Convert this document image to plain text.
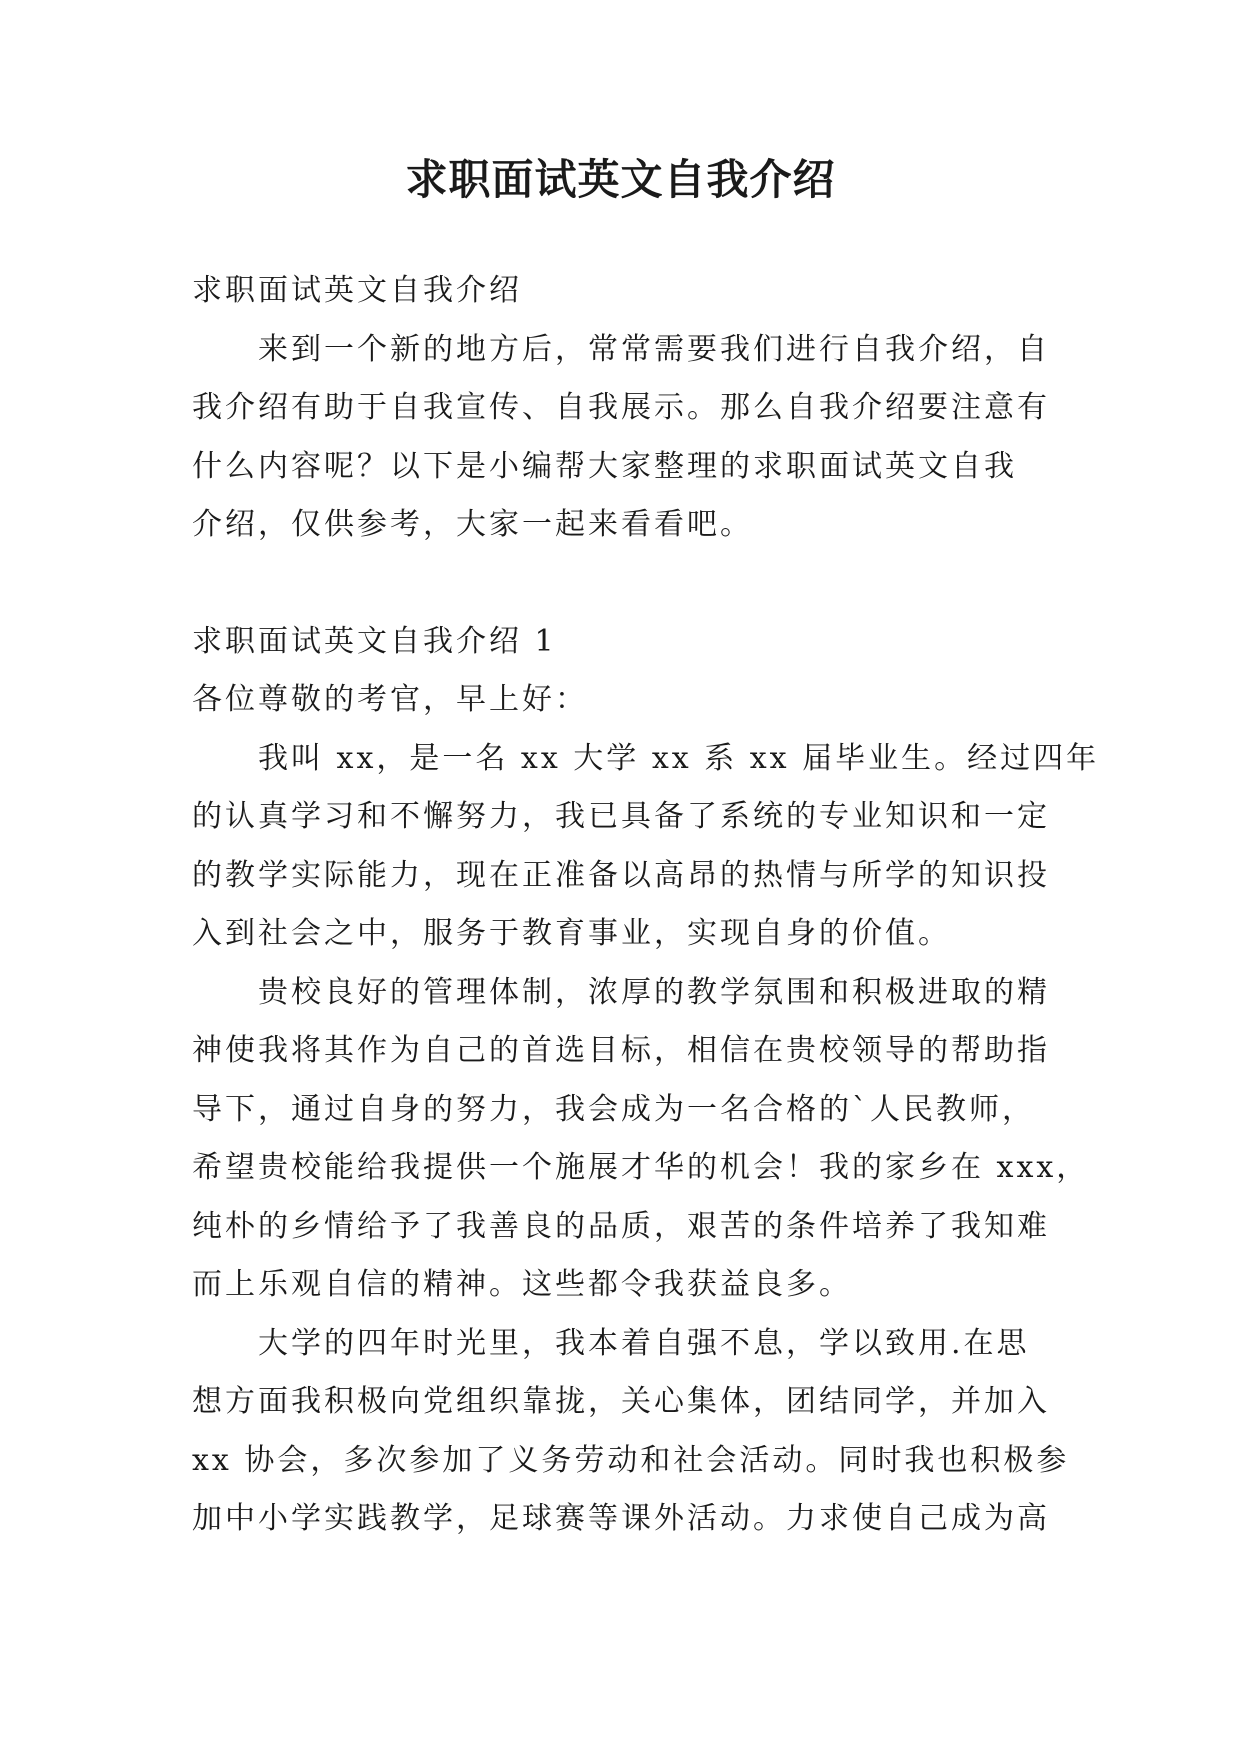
求职面试英文自我介绍

求职面试英文自我介绍

　　来到一个新的地方后，常常需要我们进行自我介绍，自
我介绍有助于自我宣传、自我展示。那么自我介绍要注意有
什么内容呢？以下是小编帮大家整理的求职面试英文自我
介绍，仅供参考，大家一起来看看吧。

求职面试英文自我介绍 1

各位尊敬的考官，早上好：

　　我叫 xx，是一名 xx 大学 xx 系 xx 届毕业生。经过四年
的认真学习和不懈努力，我已具备了系统的专业知识和一定
的教学实际能力，现在正准备以高昂的热情与所学的知识投
入到社会之中，服务于教育事业，实现自身的价值。

　　贵校良好的管理体制，浓厚的教学氛围和积极进取的精
神使我将其作为自己的首选目标，相信在贵校领导的帮助指
导下，通过自身的努力，我会成为一名合格的`人民教师，
希望贵校能给我提供一个施展才华的机会！我的家乡在 xxx，
纯朴的乡情给予了我善良的品质，艰苦的条件培养了我知难
而上乐观自信的精神。这些都令我获益良多。

　　大学的四年时光里，我本着自强不息，学以致用.在思
想方面我积极向党组织靠拢，关心集体，团结同学，并加入
xx 协会，多次参加了义务劳动和社会活动。同时我也积极参
加中小学实践教学，足球赛等课外活动。力求使自己成为高
